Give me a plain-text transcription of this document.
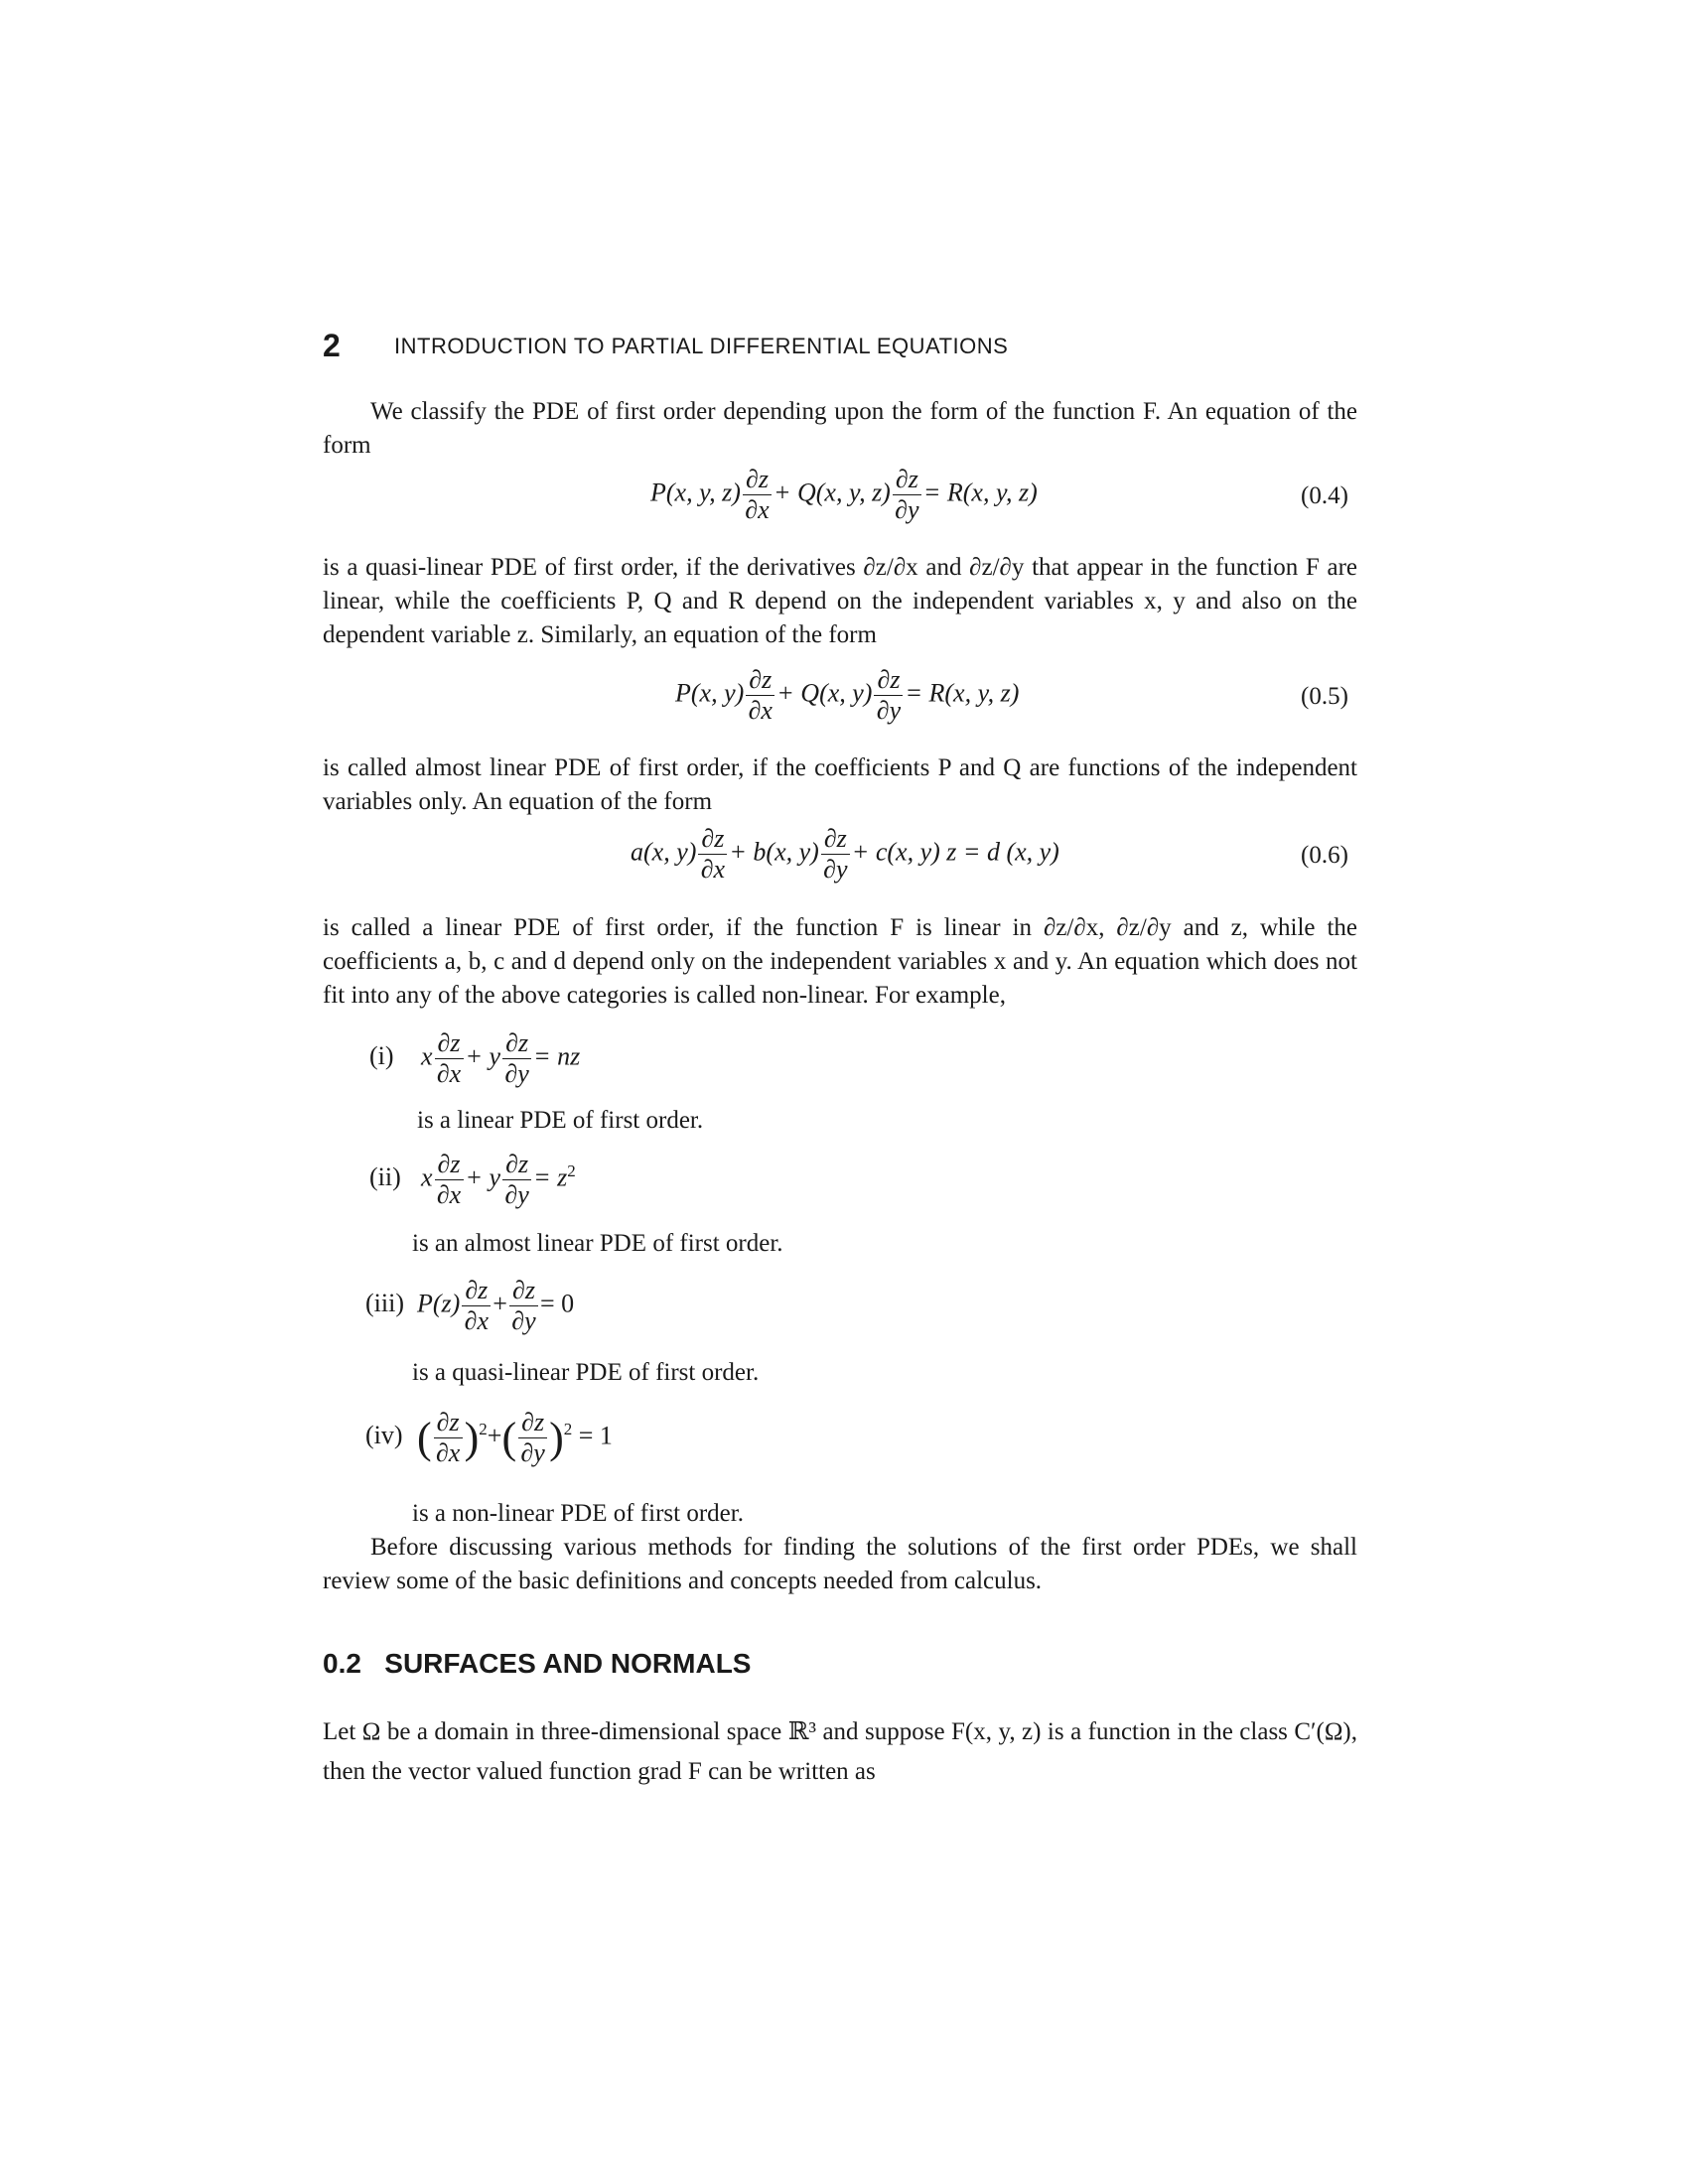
2 INTRODUCTION TO PARTIAL DIFFERENTIAL EQUATIONS
We classify the PDE of first order depending upon the form of the function F. An equation of the form
P(x, y, $z) \frac{\partial z}{\partial x} + Q(x$, y, $z) \frac{\partial z}{\partial y} = R(x$, y, z)	(0.4)
is a quasi-linear PDE of first order, if the derivatives ∂z/∂x and ∂z/∂y that appear in the function F are linear, while the coefficients P, Q and R depend on the independent variables x, y and also on the dependent variable z. Similarly, an equation of the form
P(x, $y) \frac{\partial z}{\partial x} + Q(x$, $y) \frac{\partial z}{\partial y} = R(x$, y, z)	(0.5)
is called almost linear PDE of first order, if the coefficients P and Q are functions of the independent variables only. An equation of the form
a(x, $y) \frac{\partial z}{\partial x} + b(x$, $y) \frac{\partial z}{\partial y} + c(x$, y) z = d (x, y)	(0.6)
is called a linear PDE of first order, if the function F is linear in ∂z/∂x, ∂z/∂y and z, while the coefficients a, b, c and d depend only on the independent variables x and y. An equation which does not fit into any of the above categories is called non-linear. For example,
(i) x $\frac{\partial z}{\partial x} + y \frac{\partial z}{\partial y}$ = nz
is a linear PDE of first order.
(ii) x $\frac{\partial z}{\partial x} + y \frac{\partial z}{\partial y} = z^2$
is an almost linear PDE of first order.
(iii) $P(z) \frac{\partial z}{\partial x} + \frac{\partial z}{\partial y} = 0$
is a quasi-linear PDE of first order.
(iv) ( $\frac{\partial z}{\partial x} )^2+( \frac{\partial z}{\partial y} )^2 = 1$
is a non-linear PDE of first order.
Before discussing various methods for finding the solutions of the first order PDEs, we shall review some of the basic definitions and concepts needed from calculus.
0.2 SURFACES AND NORMALS
Let Ω be a domain in three-dimensional space ℝ³ and suppose F(x, y, z) is a function in the class C′(Ω), then the vector valued function grad F can be written as
